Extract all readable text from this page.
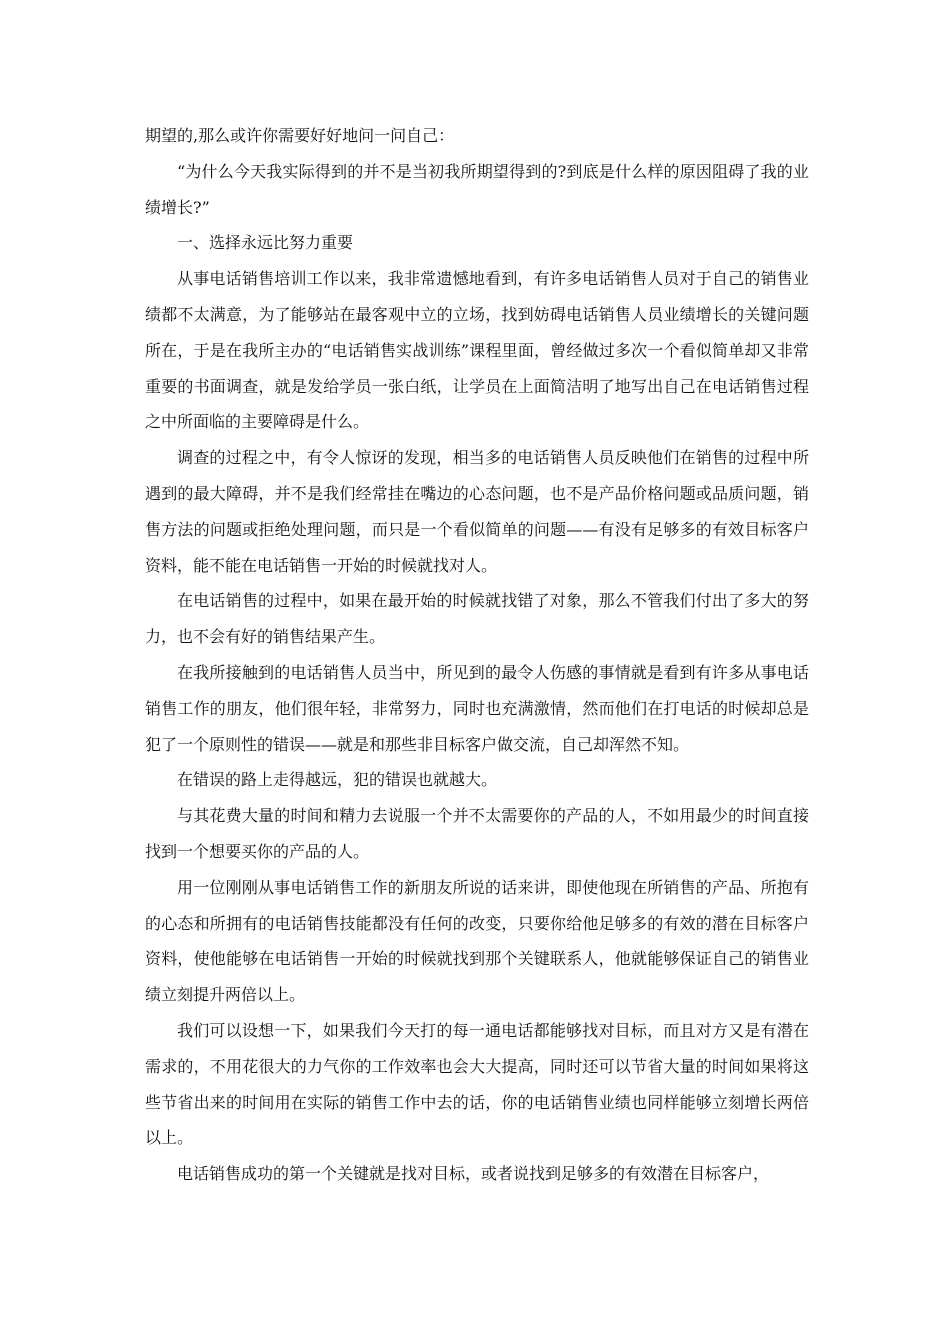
期望的,那么或许你需要好好地问一问自己：

“为什么今天我实际得到的并不是当初我所期望得到的?到底是什么样的原因阻碍了我的业绩增长?”

一、选择永远比努力重要

从事电话销售培训工作以来，我非常遗憾地看到，有许多电话销售人员对于自己的销售业绩都不太满意，为了能够站在最客观中立的立场，找到妨碍电话销售人员业绩增长的关键问题所在，于是在我所主办的“电话销售实战训练”课程里面，曾经做过多次一个看似简单却又非常重要的书面调查，就是发给学员一张白纸，让学员在上面简洁明了地写出自己在电话销售过程之中所面临的主要障碍是什么。

调查的过程之中，有令人惊讶的发现，相当多的电话销售人员反映他们在销售的过程中所遇到的最大障碍，并不是我们经常挂在嘴边的心态问题，也不是产品价格问题或品质问题，销售方法的问题或拒绝处理问题，而只是一个看似简单的问题——有没有足够多的有效目标客户资料，能不能在电话销售一开始的时候就找对人。

在电话销售的过程中，如果在最开始的时候就找错了对象，那么不管我们付出了多大的努力，也不会有好的销售结果产生。

在我所接触到的电话销售人员当中，所见到的最令人伤感的事情就是看到有许多从事电话销售工作的朋友，他们很年轻，非常努力，同时也充满激情，然而他们在打电话的时候却总是犯了一个原则性的错误——就是和那些非目标客户做交流，自己却浑然不知。

在错误的路上走得越远，犯的错误也就越大。

与其花费大量的时间和精力去说服一个并不太需要你的产品的人，不如用最少的时间直接找到一个想要买你的产品的人。

用一位刚刚从事电话销售工作的新朋友所说的话来讲，即使他现在所销售的产品、所抱有的心态和所拥有的电话销售技能都没有任何的改变，只要你给他足够多的有效的潜在目标客户资料，使他能够在电话销售一开始的时候就找到那个关键联系人，他就能够保证自己的销售业绩立刻提升两倍以上。

我们可以设想一下，如果我们今天打的每一通电话都能够找对目标，而且对方又是有潜在需求的，不用花很大的力气你的工作效率也会大大提高，同时还可以节省大量的时间如果将这些节省出来的时间用在实际的销售工作中去的话，你的电话销售业绩也同样能够立刻增长两倍以上。

电话销售成功的第一个关键就是找对目标，或者说找到足够多的有效潜在目标客户，
